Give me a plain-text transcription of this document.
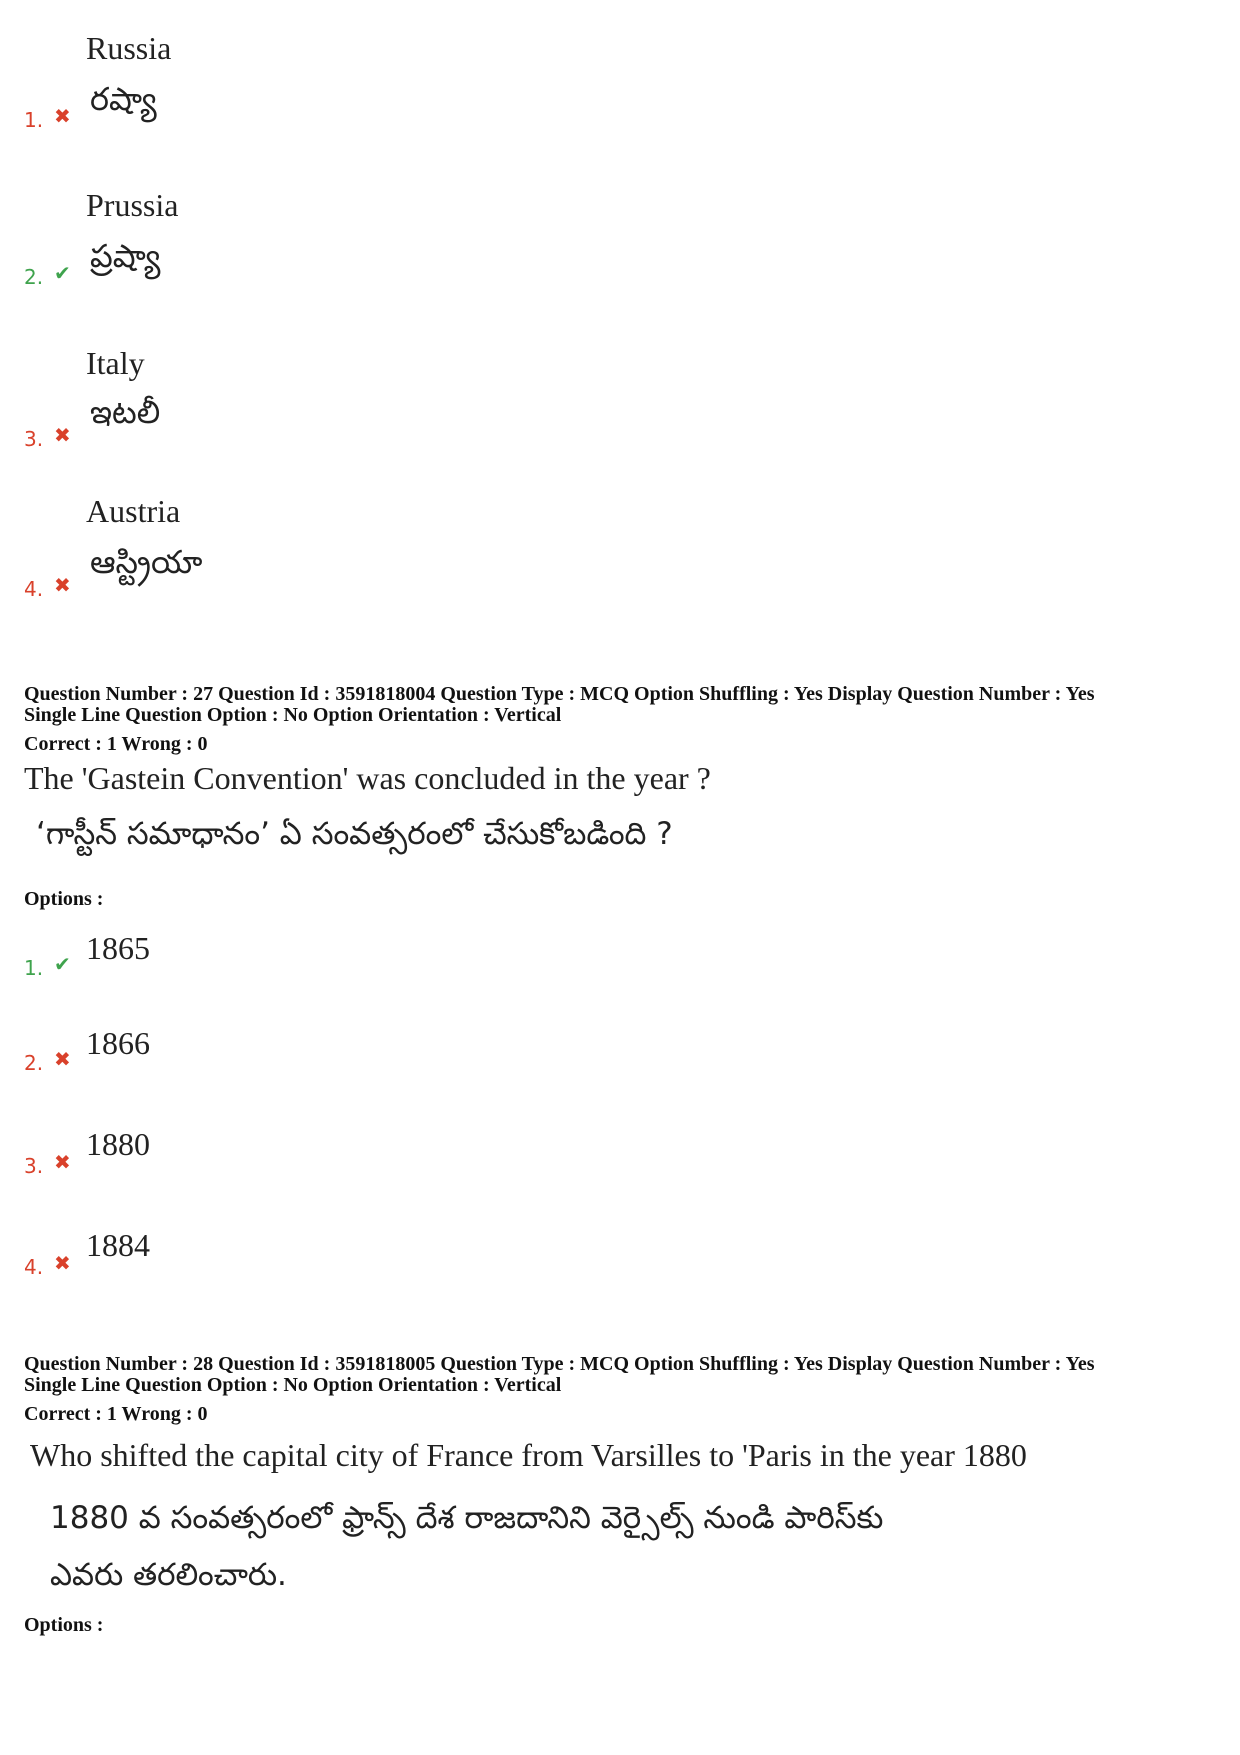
Russia
రష్యా
1. ✖
Prussia
ప్రష్యా
2. ✔
Italy
ఇటలీ
3. ✖
Austria
ఆస్ట్రియా
4. ✖
Question Number : 27 Question Id : 3591818004 Question Type : MCQ Option Shuffling : Yes Display Question Number : Yes
Single Line Question Option : No Option Orientation : Vertical
Correct : 1 Wrong : 0
The 'Gastein Convention' was concluded in the year ?
‘గాస్టీన్ సమాధానం’ ఏ సంవత్సరంలో చేసుకోబడింది ?
Options :
1. ✔ 1865
2. ✖ 1866
3. ✖ 1880
4. ✖ 1884
Question Number : 28 Question Id : 3591818005 Question Type : MCQ Option Shuffling : Yes Display Question Number : Yes
Single Line Question Option : No Option Orientation : Vertical
Correct : 1 Wrong : 0
Who shifted the capital city of France from Varsilles to 'Paris in the year 1880
1880 వ సంవత్సరంలో ఫ్రాన్స్ దేశ రాజదానిని వెర్సైల్స్ నుండి పారిస్‌కు
ఎవరు తరలించారు.
Options :
